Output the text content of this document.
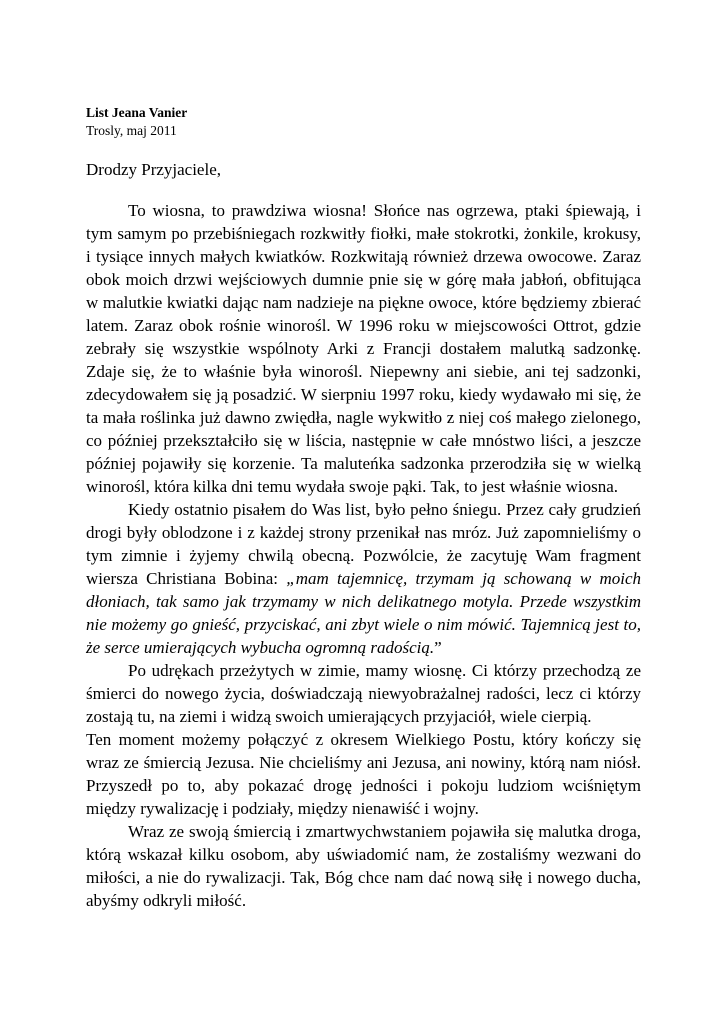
List Jeana Vanier

Trosly, maj 2011

Drodzy Przyjaciele,

To wiosna, to prawdziwa wiosna! Słońce nas ogrzewa, ptaki śpiewają, i tym samym po przebiśniegach rozkwitły fiołki, małe stokrotki, żonkile, krokusy, i tysiące innych małych kwiatków. Rozkwitają również drzewa owocowe. Zaraz obok moich drzwi wejściowych dumnie pnie się w górę mała jabłoń, obfitująca w malutkie kwiatki dając nam nadzieje na piękne owoce, które będziemy zbierać latem. Zaraz obok rośnie winorośl. W 1996 roku w miejscowości Ottrot, gdzie zebrały się wszystkie wspólnoty Arki z Francji dostałem malutką sadzonkę. Zdaje się, że to właśnie była winorośl. Niepewny ani siebie, ani tej sadzonki, zdecydowałem się ją posadzić. W sierpniu 1997 roku, kiedy wydawało mi się, że ta mała roślinka już dawno zwiędła, nagle wykwitło z niej coś małego zielonego, co później przekształciło się w liścia, następnie w całe mnóstwo liści, a jeszcze później pojawiły się korzenie. Ta maluteńka sadzonka przerodziła się w wielką winorośl, która kilka dni temu wydała swoje pąki. Tak, to jest właśnie wiosna.

Kiedy ostatnio pisałem do Was list, było pełno śniegu. Przez cały grudzień drogi były oblodzone i z każdej strony przenikał nas mróz. Już zapomnieliśmy o tym zimnie i żyjemy chwilą obecną. Pozwólcie, że zacytuję Wam fragment wiersza Christiana Bobina: „mam tajemnicę, trzymam ją schowaną w moich dłoniach, tak samo jak trzymamy w nich delikatnego motyla. Przede wszystkim nie możemy go gnieść, przyciskać, ani zbyt wiele o nim mówić. Tajemnicą jest to, że serce umierających wybucha ogromną radością.”

Po udrękach przeżytych w zimie, mamy wiosnę. Ci którzy przechodzą ze śmierci do nowego życia, doświadczają niewyobrażalnej radości, lecz ci którzy zostają tu, na ziemi i widzą swoich umierających przyjaciół, wiele cierpią.

Ten moment możemy połączyć z okresem Wielkiego Postu, który kończy się wraz ze śmiercią Jezusa. Nie chcieliśmy ani Jezusa, ani nowiny, którą nam niósł. Przyszedł po to, aby pokazać drogę jedności i pokoju ludziom wciśniętym między rywalizację i podziały, między nienawiść i wojny.

Wraz ze swoją śmiercią i zmartwychwstaniem pojawiła się malutka droga, którą wskazał kilku osobom, aby uświadomić nam, że zostaliśmy wezwani do miłości, a nie do rywalizacji. Tak, Bóg chce nam dać nową siłę i nowego ducha, abyśmy odkryli miłość.
